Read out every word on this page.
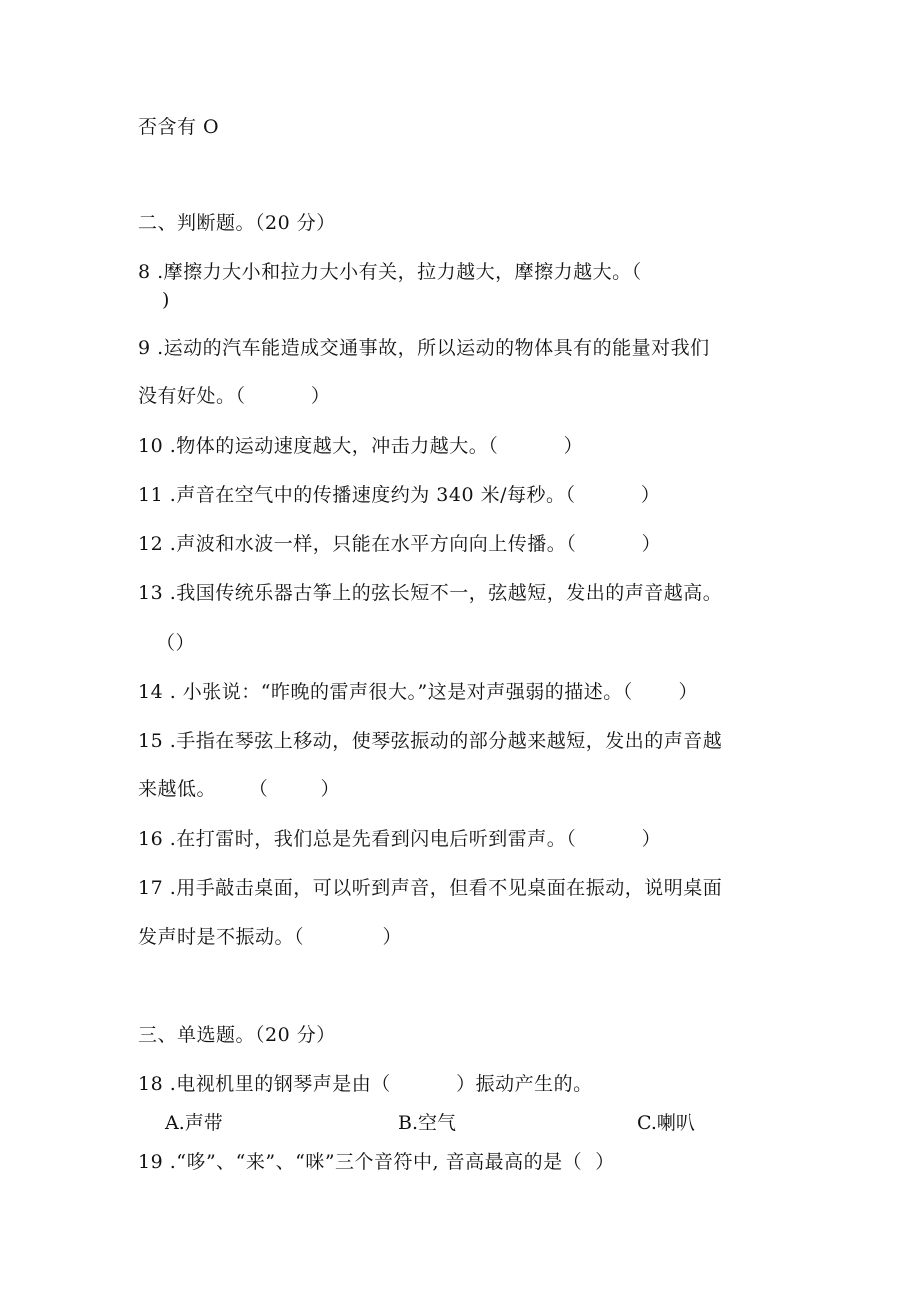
否含有 O
二、判断题。（20 分）
8 .摩擦力大小和拉力大小有关，拉力越大，摩擦力越大。（
)
9 .运动的汽车能造成交通事故，所以运动的物体具有的能量对我们
没有好处。（          ）
10 .物体的运动速度越大，冲击力越大。（          ）
11 .声音在空气中的传播速度约为 340 米/每秒。（          ）
12 .声波和水波一样，只能在水平方向向上传播。（          ）
13 .我国传统乐器古筝上的弦长短不一，弦越短，发出的声音越高。
（）
14 . 小张说：“昨晚的雷声很大。”这是对声强弱的描述。（       ）
15 .手指在琴弦上移动，使琴弦振动的部分越来越短，发出的声音越
来越低。     （        ）
16 .在打雷时，我们总是先看到闪电后听到雷声。（          ）
17 .用手敲击桌面，可以听到声音，但看不见桌面在振动，说明桌面
发声时是不振动。（            ）
三、单选题。（20 分）
18 .电视机里的钢琴声是由（          ）振动产生的。
A.声带	B.空气	C.喇叭
19 .“哆”、“来”、“咪”三个音符中, 音高最高的是（  ）
